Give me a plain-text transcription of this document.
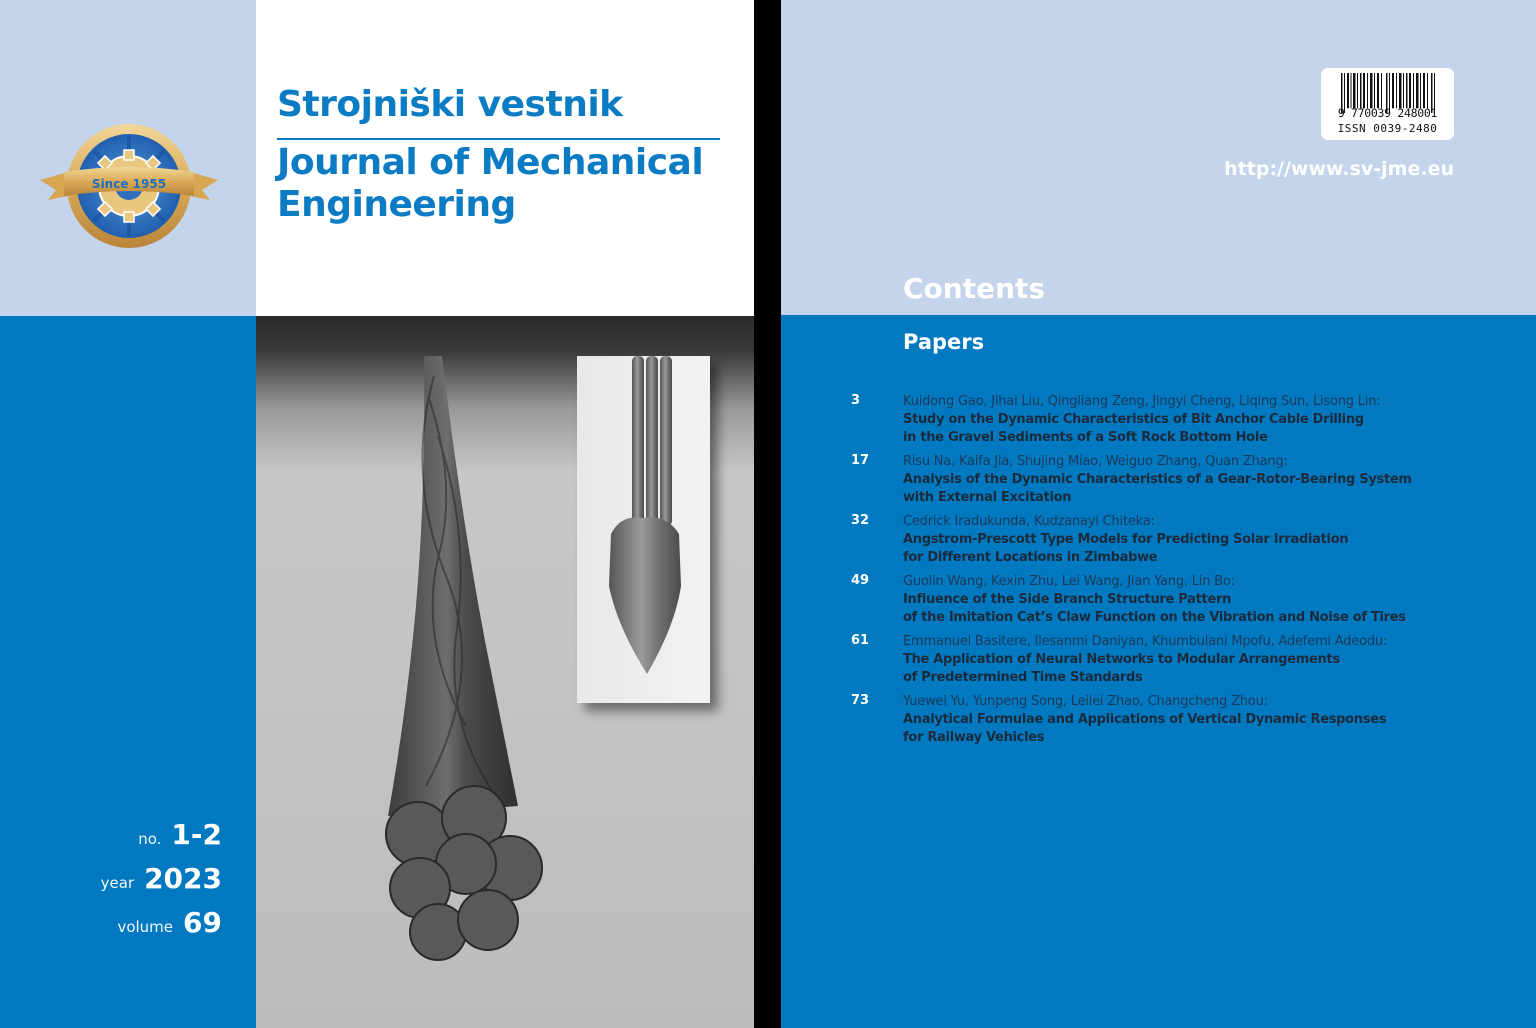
Since 1955
Strojniški vestnik
Journal of Mechanical
Engineering
no. 1-2
year 2023
volume 69
9 770039 248001
ISSN 0039-2480
http://www.sv-jme.eu
Contents
Papers
3	Kuidong Gao, Jihai Liu, Qingliang Zeng, Jingyi Cheng, Liqing Sun, Lisong Lin:
Study on the Dynamic Characteristics of Bit Anchor Cable Drilling
in the Gravel Sediments of a Soft Rock Bottom Hole
17	Risu Na, Kaifa Jia, Shujing Miao, Weiguo Zhang, Quan Zhang:
Analysis of the Dynamic Characteristics of a Gear-Rotor-Bearing System
with External Excitation
32	Cedrick Iradukunda, Kudzanayi Chiteka:
Angstrom-Prescott Type Models for Predicting Solar Irradiation
for Different Locations in Zimbabwe
49	Guolin Wang, Kexin Zhu, Lei Wang, Jian Yang, Lin Bo:
Influence of the Side Branch Structure Pattern
of the Imitation Cat’s Claw Function on the Vibration and Noise of Tires
61	Emmanuel Basitere, Ilesanmi Daniyan, Khumbulani Mpofu, Adefemi Adeodu:
The Application of Neural Networks to Modular Arrangements
of Predetermined Time Standards
73	Yuewei Yu, Yunpeng Song, Leilei Zhao, Changcheng Zhou:
Analytical Formulae and Applications of Vertical Dynamic Responses
for Railway Vehicles
